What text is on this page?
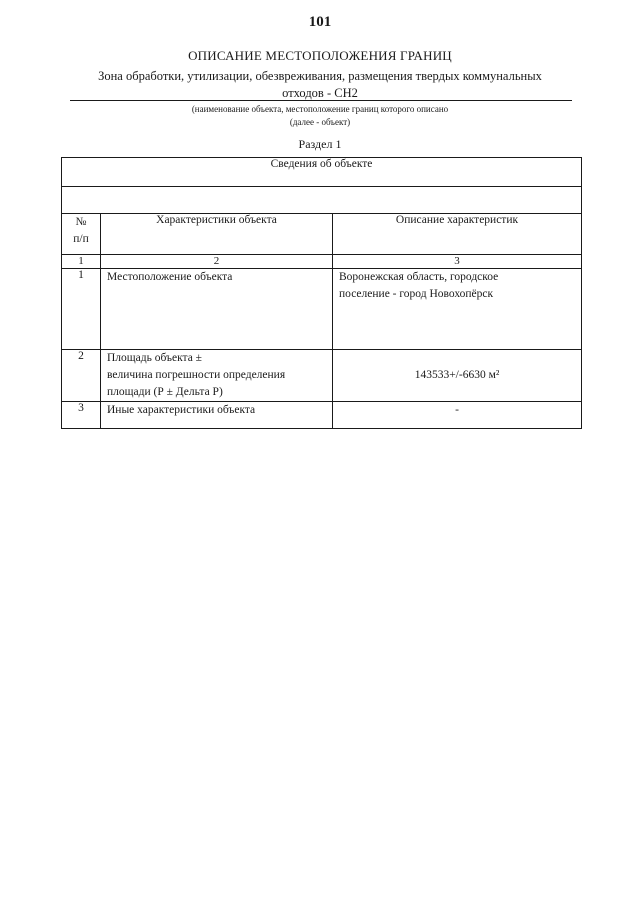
101
ОПИСАНИЕ МЕСТОПОЛОЖЕНИЯ ГРАНИЦ
Зона обработки, утилизации, обезвреживания, размещения твердых коммунальных
отходов - СН2
(наименование объекта, местоположение границ которого описано
(далее - объект)
Раздел 1
Сведения об объекте		

№
п/п	Характеристики объекта	Описание характеристик
1	2	3
1	Местоположение объекта	Воронежская область, городское
поселение - город Новохопёрск

2	Площадь объекта ±
величина погрешности определения
площади (Р ± Дельта Р)	143533+/-6630 м²

3	Иные характеристики объекта	-
